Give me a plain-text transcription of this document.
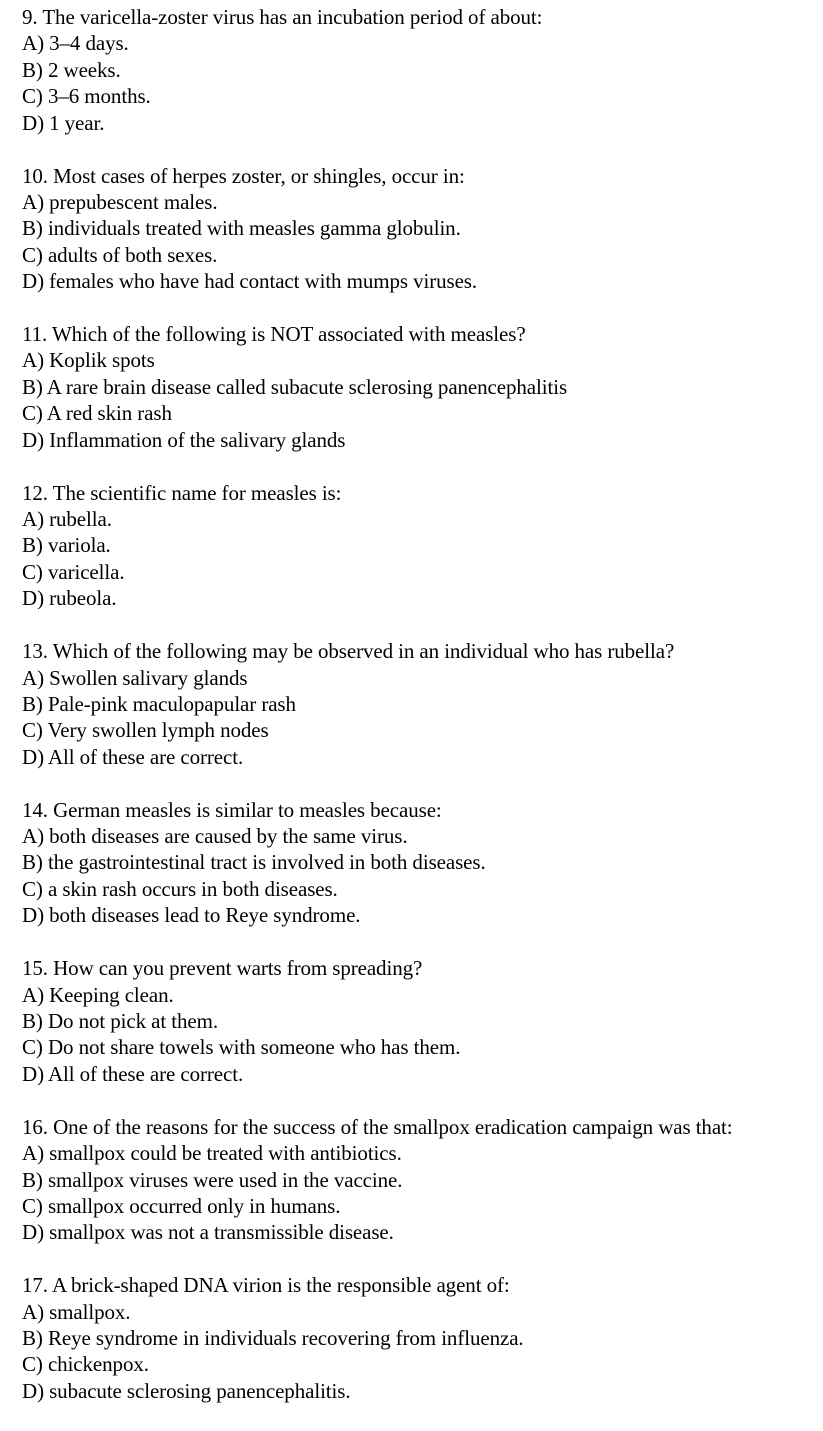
9. The varicella-zoster virus has an incubation period of about:
A) 3–4 days.
B) 2 weeks.
C) 3–6 months.
D) 1 year.
10. Most cases of herpes zoster, or shingles, occur in:
A) prepubescent males.
B) individuals treated with measles gamma globulin.
C) adults of both sexes.
D) females who have had contact with mumps viruses.
11. Which of the following is NOT associated with measles?
A) Koplik spots
B) A rare brain disease called subacute sclerosing panencephalitis
C) A red skin rash
D) Inflammation of the salivary glands
12. The scientific name for measles is:
A) rubella.
B) variola.
C) varicella.
D) rubeola.
13. Which of the following may be observed in an individual who has rubella?
A) Swollen salivary glands
B) Pale-pink maculopapular rash
C) Very swollen lymph nodes
D) All of these are correct.
14. German measles is similar to measles because:
A) both diseases are caused by the same virus.
B) the gastrointestinal tract is involved in both diseases.
C) a skin rash occurs in both diseases.
D) both diseases lead to Reye syndrome.
15. How can you prevent warts from spreading?
A) Keeping clean.
B) Do not pick at them.
C) Do not share towels with someone who has them.
D) All of these are correct.
16. One of the reasons for the success of the smallpox eradication campaign was that:
A) smallpox could be treated with antibiotics.
B) smallpox viruses were used in the vaccine.
C) smallpox occurred only in humans.
D) smallpox was not a transmissible disease.
17. A brick-shaped DNA virion is the responsible agent of:
A) smallpox.
B) Reye syndrome in individuals recovering from influenza.
C) chickenpox.
D) subacute sclerosing panencephalitis.
